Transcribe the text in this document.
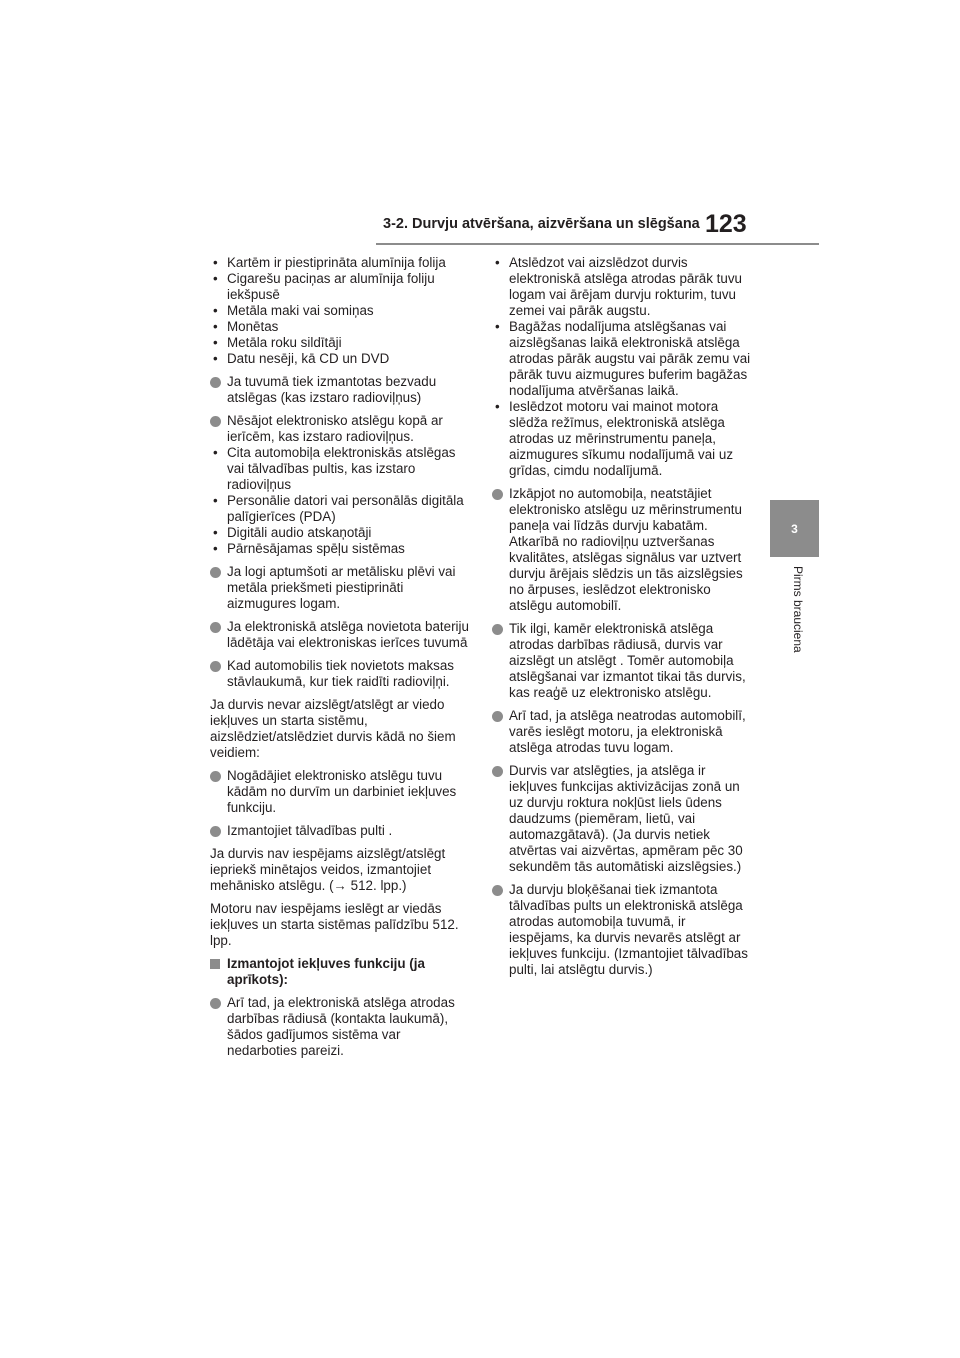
3-2. Durvju atvēršana, aizvēršana un slēgšana 123
3
Pirms brauciena
• Kartēm ir piestiprināta alumīnija folija
• Cigarešu paciņas ar alumīnija foliju iekšpusē
• Metāla maki vai somiņas
• Monētas
• Metāla roku sildītāji
• Datu nesēji, kā CD un DVD
Ja tuvumā tiek izmantotas bezvadu atslēgas (kas izstaro radioviļņus)
Nēsājot elektronisko atslēgu kopā ar ierīcēm, kas izstaro radioviļņus.
• Cita automobiļa elektroniskās atslēgas vai tālvadības pultis, kas izstaro radioviļņus
• Personālie datori vai personālās digitāla palīgierīces (PDA)
• Digitāli audio atskaņotāji
• Pārnēsājamas spēļu sistēmas
Ja logi aptumšoti ar metālisku plēvi vai metāla priekšmeti piestiprināti aizmugures logam.
Ja elektroniskā atslēga novietota bateriju lādētāja vai elektroniskas ierīces tuvumā
Kad automobilis tiek novietots maksas stāvlaukumā, kur tiek raidīti radioviļņi.

Ja durvis nevar aizslēgt/atslēgt ar viedo iekļuves un starta sistēmu, aizslēdziet/atslēdziet durvis kādā no šiem veidiem:

Nogādājiet elektronisko atslēgu tuvu kādām no durvīm un darbiniet iekļuves funkciju.
Izmantojiet tālvadības pulti .

Ja durvis nav iespējams aizslēgt/atslēgt iepriekš minētajos veidos, izmantojiet mehānisko atslēgu. (→ 512. lpp.)

Motoru nav iespējams ieslēgt ar viedās iekļuves un starta sistēmas palīdzību 512. lpp.

Izmantojot iekļuves funkciju (ja aprīkots):
Arī tad, ja elektroniskā atslēga atrodas darbības rādiusā (kontakta laukumā), šādos gadījumos sistēma var nedarboties pareizi.
• Atslēdzot vai aizslēdzot durvis elektroniskā atslēga atrodas pārāk tuvu logam vai ārējam durvju rokturim, tuvu zemei vai pārāk augstu.
• Bagāžas nodalījuma atslēgšanas vai aizslēgšanas laikā elektroniskā atslēga atrodas pārāk augstu vai pārāk zemu vai pārāk tuvu aizmugures buferim bagāžas nodalījuma atvēršanas laikā.
• Ieslēdzot motoru vai mainot motora slēdža režīmus, elektroniskā atslēga atrodas uz mērinstrumentu paneļa, aizmugures sīkumu nodalījumā vai uz grīdas, cimdu nodalījumā.
Izkāpjot no automobiļa, neatstājiet elektronisko atslēgu uz mērinstrumentu paneļa vai līdzās durvju kabatām. Atkarībā no radioviļņu uztveršanas kvalitātes, atslēgas signālus var uztvert durvju ārējais slēdzis un tās aizslēgsies no ārpuses, ieslēdzot elektronisko atslēgu automobilī.
Tik ilgi, kamēr elektroniskā atslēga atrodas darbības rādiusā, durvis var aizslēgt un atslēgt . Tomēr automobiļa atslēgšanai var izmantot tikai tās durvis, kas reaģē uz elektronisko atslēgu.
Arī tad, ja atslēga neatrodas automobilī, varēs ieslēgt motoru, ja elektroniskā atslēga atrodas tuvu logam.
Durvis var atslēgties, ja atslēga ir iekļuves funkcijas aktivizācijas zonā un uz durvju roktura nokļūst liels ūdens daudzums (piemēram, lietū, vai automazgātavā). (Ja durvis netiek atvērtas vai aizvērtas, apmēram pēc 30 sekundēm tās automātiski aizslēgsies.)
Ja durvju bloķēšanai tiek izmantota tālvadības pults un elektroniskā atslēga atrodas automobiļa tuvumā, ir iespējams, ka durvis nevarēs atslēgt ar iekļuves funkciju. (Izmantojiet tālvadības pulti, lai atslēgtu durvis.)
